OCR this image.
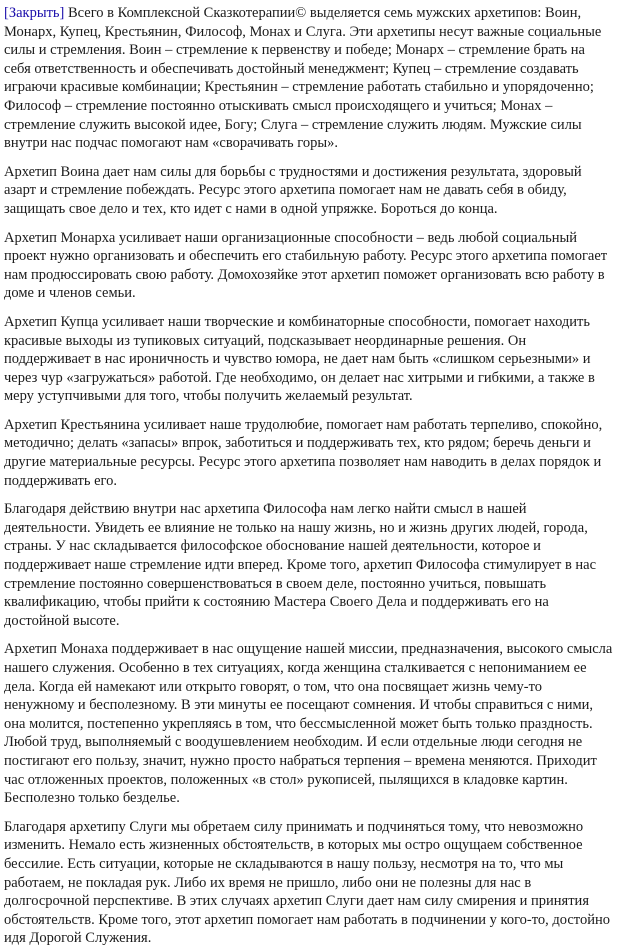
[Закрыть] Всего в Комплексной Сказкотерапии© выделяется семь мужских архетипов: Воин, Монарх, Купец, Крестьянин, Философ, Монах и Слуга. Эти архетипы несут важные социальные силы и стремления. Воин – стремление к первенству и победе; Монарх – стремление брать на себя ответственность и обеспечивать достойный менеджмент; Купец – стремление создавать играючи красивые комбинации; Крестьянин – стремление работать стабильно и упорядоченно; Философ – стремление постоянно отыскивать смысл происходящего и учиться; Монах – стремление служить высокой идее, Богу; Слуга – стремление служить людям. Мужские силы внутри нас подчас помогают нам «сворачивать горы».

Архетип Воина дает нам силы для борьбы с трудностями и достижения результата, здоровый азарт и стремление побеждать. Ресурс этого архетипа помогает нам не давать себя в обиду, защищать свое дело и тех, кто идет с нами в одной упряжке. Бороться до конца.

Архетип Монарха усиливает наши организационные способности – ведь любой социальный проект нужно организовать и обеспечить его стабильную работу. Ресурс этого архетипа помогает нам продюссировать свою работу. Домохозяйке этот архетип поможет организовать всю работу в доме и членов семьи.

Архетип Купца усиливает наши творческие и комбинаторные способности, помогает находить красивые выходы из тупиковых ситуаций, подсказывает неординарные решения. Он поддерживает в нас ироничность и чувство юмора, не дает нам быть «слишком серьезными» и через чур «загружаться» работой. Где необходимо, он делает нас хитрыми и гибкими, а также в меру уступчивыми для того, чтобы получить желаемый результат.

Архетип Крестьянина усиливает наше трудолюбие, помогает нам работать терпеливо, спокойно, методично; делать «запасы» впрок, заботиться и поддерживать тех, кто рядом; беречь деньги и другие материальные ресурсы. Ресурс этого архетипа позволяет нам наводить в делах порядок и поддерживать его.

Благодаря действию внутри нас архетипа Философа нам легко найти смысл в нашей деятельности. Увидеть ее влияние не только на нашу жизнь, но и жизнь других людей, города, страны. У нас складывается философское обоснование нашей деятельности, которое и поддерживает наше стремление идти вперед. Кроме того, архетип Философа стимулирует в нас стремление постоянно совершенствоваться в своем деле, постоянно учиться, повышать квалификацию, чтобы прийти к состоянию Мастера Своего Дела и поддерживать его на достойной высоте.

Архетип Монаха поддерживает в нас ощущение нашей миссии, предназначения, высокого смысла нашего служения. Особенно в тех ситуациях, когда женщина сталкивается с непониманием ее дела. Когда ей намекают или открыто говорят, о том, что она посвящает жизнь чему-то ненужному и бесполезному. В эти минуты ее посещают сомнения. И чтобы справиться с ними, она молится, постепенно укрепляясь в том, что бессмысленной может быть только праздность. Любой труд, выполняемый с воодушевлением необходим. И если отдельные люди сегодня не постигают его пользу, значит, нужно просто набраться терпения – времена меняются. Приходит час отложенных проектов, положенных «в стол» рукописей, пылящихся в кладовке картин. Бесполезно только безделье.

Благодаря архетипу Слуги мы обретаем силу принимать и подчиняться тому, что невозможно изменить. Немало есть жизненных обстоятельств, в которых мы остро ощущаем собственное бессилие. Есть ситуации, которые не складываются в нашу пользу, несмотря на то, что мы работаем, не покладая рук. Либо их время не пришло, либо они не полезны для нас в долгосрочной перспективе. В этих случаях архетип Слуги дает нам силу смирения и принятия обстоятельств. Кроме того, этот архетип помогает нам работать в подчинении у кого-то, достойно идя Дорогой Служения.
